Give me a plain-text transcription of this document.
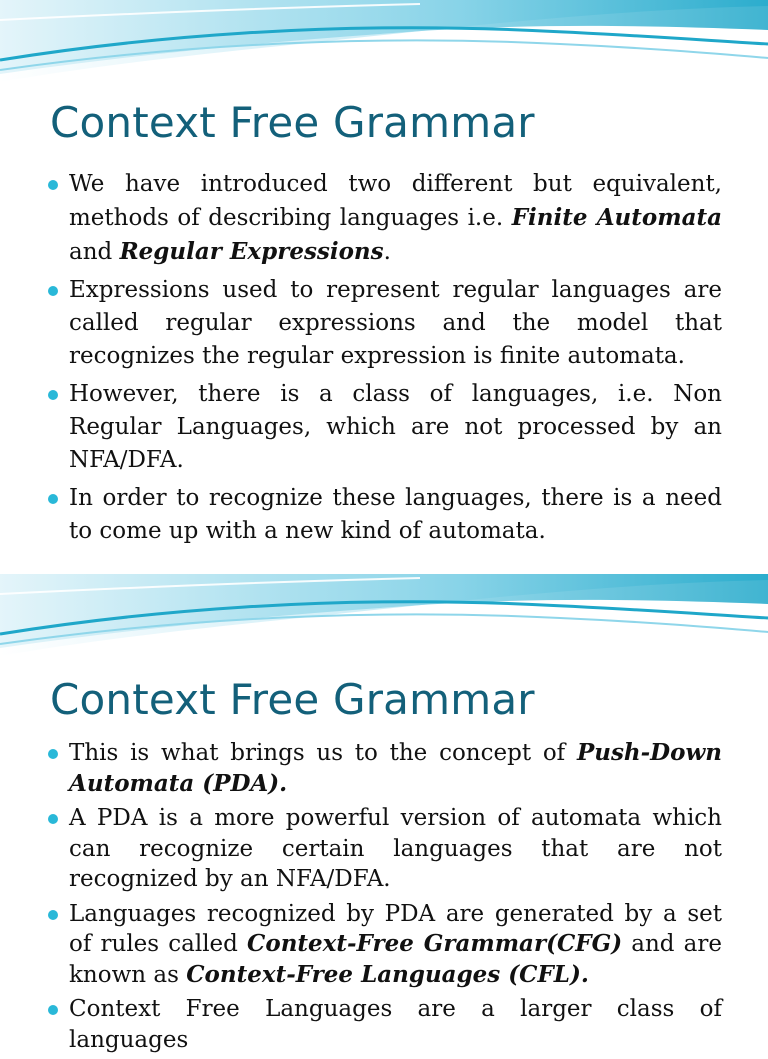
Context Free Grammar
We have introduced two different but equivalent, methods of describing languages i.e. Finite Automata and Regular Expressions.
Expressions used to represent regular languages are called regular expressions and the model that recognizes the regular expression is finite automata.
However, there is a class of languages, i.e. Non Regular Languages, which are not processed by an NFA/DFA.
In order to recognize these languages, there is a need to come up with a new kind of automata.
Context Free Grammar
This is what brings us to the concept of Push-Down Automata (PDA).
A PDA is a more powerful version of automata which can recognize certain languages that are not recognized by an NFA/DFA.
Languages recognized by PDA are generated by a set of rules called Context-Free Grammar(CFG) and are known as Context-Free Languages (CFL).
Context Free Languages are a larger class of languages
